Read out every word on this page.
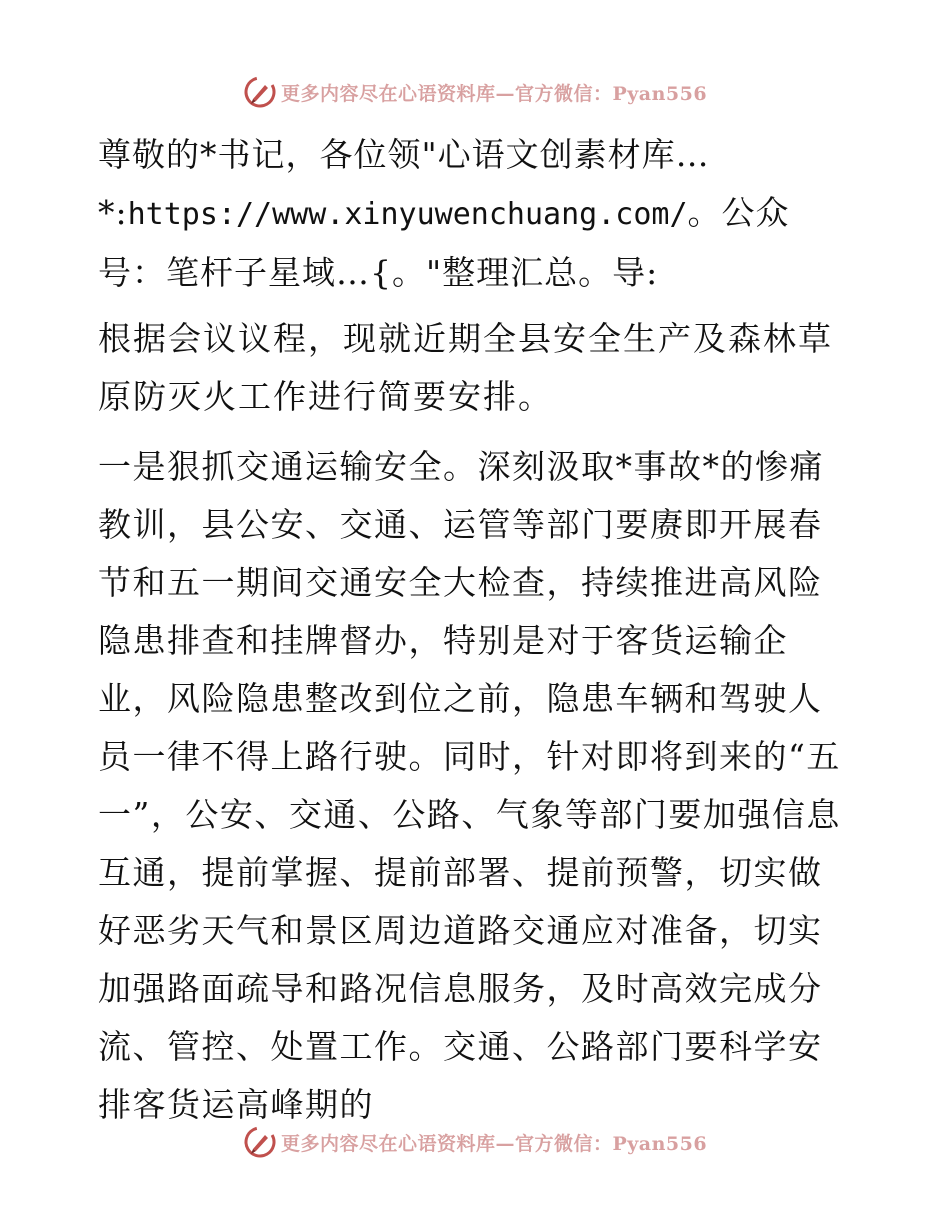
更多内容尽在心语资料库—官方微信：Pyan556

尊敬的*书记，各位领"心语文创素材库…*:https://www.xinyuwenchuang.com/。公众号：笔杆子星域…{。"整理汇总。导:

根据会议议程，现就近期全县安全生产及森林草原防灭火工作进行简要安排。

一是狠抓交通运输安全。深刻汲取*事故*的惨痛教训，县公安、交通、运管等部门要赓即开展春节和五一期间交通安全大检查，持续推进高风险隐患排查和挂牌督办，特别是对于客货运输企业，风险隐患整改到位之前，隐患车辆和驾驶人员一律不得上路行驶。同时，针对即将到来的“五一”，公安、交通、公路、气象等部门要加强信息互通，提前掌握、提前部署、提前预警，切实做好恶劣天气和景区周边道路交通应对准备，切实加强路面疏导和路况信息服务，及时高效完成分流、管控、处置工作。交通、公路部门要科学安排客货运高峰期的

更多内容尽在心语资料库—官方微信：Pyan556
